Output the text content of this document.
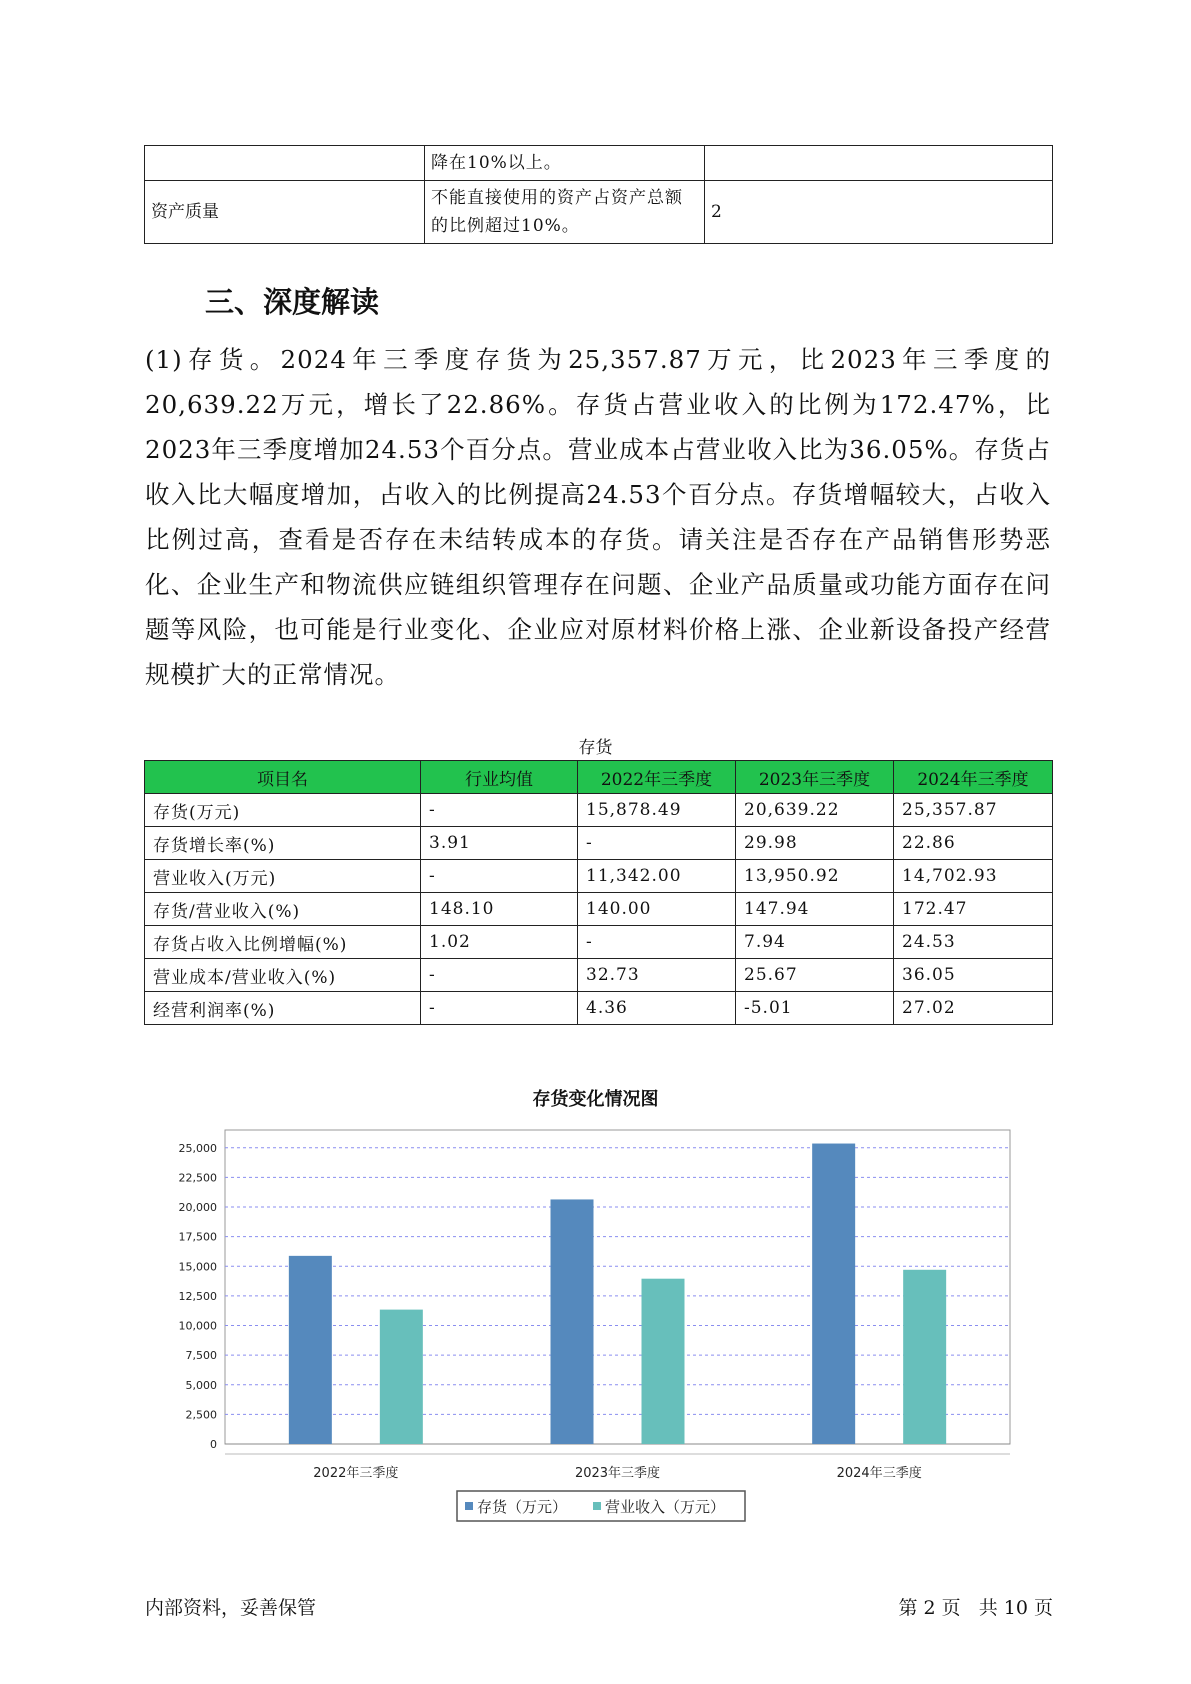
	降在10%以上。	
资产质量	不能直接使用的资产占资产总额的比例超过10%。	2
三、深度解读
(1)存货。2024年三季度存货为25,357.87万元，比2023年三季度的20,639.22万元，增长了22.86%。存货占营业收入的比例为172.47%，比2023年三季度增加24.53个百分点。营业成本占营业收入比为36.05%。存货占收入比大幅度增加，占收入的比例提高24.53个百分点。存货增幅较大，占收入比例过高，查看是否存在未结转成本的存货。请关注是否存在产品销售形势恶化、企业生产和物流供应链组织管理存在问题、企业产品质量或功能方面存在问题等风险，也可能是行业变化、企业应对原材料价格上涨、企业新设备投产经营规模扩大的正常情况。
存货
项目名	行业均值	2022年三季度	2023年三季度	2024年三季度
存货(万元)	-	15,878.49	20,639.22	25,357.87
存货增长率(%)	3.91	-	29.98	22.86
营业收入(万元)	-	11,342.00	13,950.92	14,702.93
存货/营业收入(%)	148.10	140.00	147.94	172.47
存货占收入比例增幅(%)	1.02	-	7.94	24.53
营业成本/营业收入(%)	-	32.73	25.67	36.05
经营利润率(%)	-	4.36	-5.01	27.02
存货变化情况图
0
2,500
5,000
7,500
10,000
12,500
15,000
17,500
20,000
22,500
25,000
2022年三季度	2023年三季度	2024年三季度
存货（万元）	营业收入（万元）
内部资料，妥善保管	第 2 页   共 10 页
